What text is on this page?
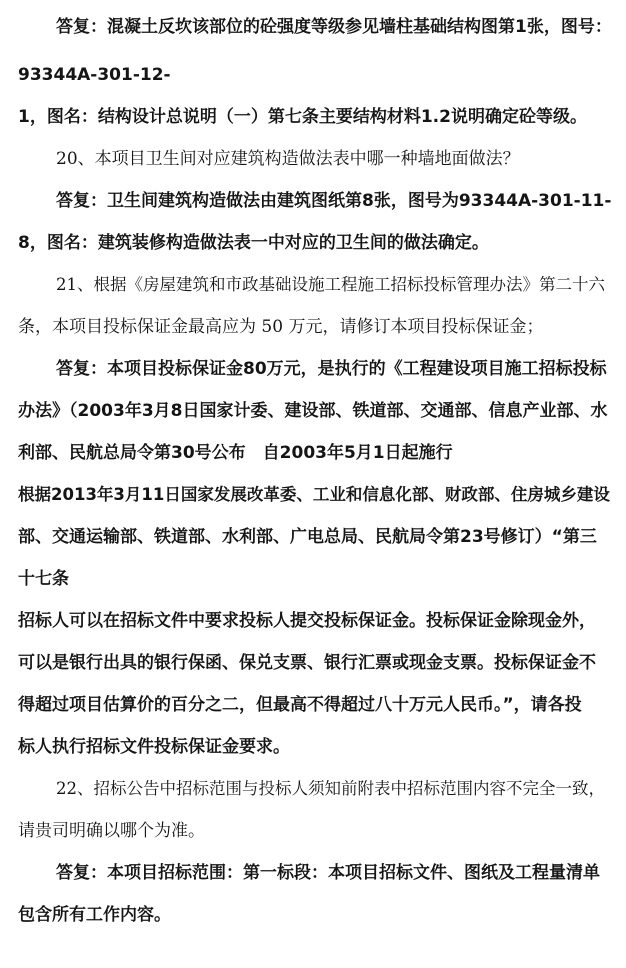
答复：混凝土反坎该部位的砼强度等级参见墙柱基础结构图第1张，图号：
93344A-301-12-
1，图名：结构设计总说明（一）第七条主要结构材料1.2说明确定砼等级。
20、本项目卫生间对应建筑构造做法表中哪一种墙地面做法？
答复：卫生间建筑构造做法由建筑图纸第8张，图号为93344A-301-11-
8，图名：建筑装修构造做法表一中对应的卫生间的做法确定。
21、根据《房屋建筑和市政基础设施工程施工招标投标管理办法》第二十六
条，本项目投标保证金最高应为 50 万元，请修订本项目投标保证金；
答复：本项目投标保证金80万元，是执行的《工程建设项目施工招标投标
办法》（2003年3月8日国家计委、建设部、铁道部、交通部、信息产业部、水
利部、民航总局令第30号公布　自2003年5月1日起施行
根据2013年3月11日国家发展改革委、工业和信息化部、财政部、住房城乡建设
部、交通运输部、铁道部、水利部、广电总局、民航局令第23号修订）“第三
十七条
招标人可以在招标文件中要求投标人提交投标保证金。投标保证金除现金外，
可以是银行出具的银行保函、保兑支票、银行汇票或现金支票。投标保证金不
得超过项目估算价的百分之二，但最高不得超过八十万元人民币。”，请各投
标人执行招标文件投标保证金要求。
22、招标公告中招标范围与投标人须知前附表中招标范围内容不完全一致，
请贵司明确以哪个为准。
答复：本项目招标范围：第一标段：本项目招标文件、图纸及工程量清单
包含所有工作内容。
